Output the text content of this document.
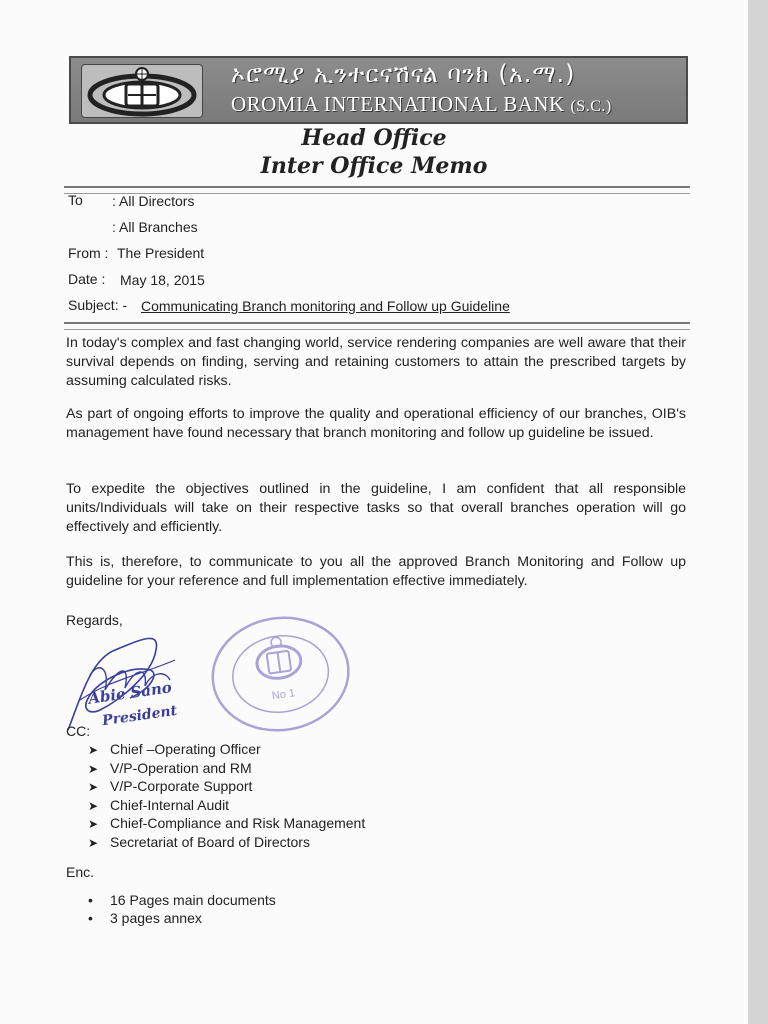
ኦሮሚያ ኢንተርናሽናል ባንክ (አ.ማ.)
OROMIA INTERNATIONAL BANK (S.C.)
Head Office
Inter Office Memo
To : All Directors
: All Branches
From : The President
Date : May 18, 2015
Subject: - Communicating Branch monitoring and Follow up Guideline
In today's complex and fast changing world, service rendering companies are well aware that their survival depends on finding, serving and retaining customers to attain the prescribed targets by assuming calculated risks.
As part of ongoing efforts to improve the quality and operational efficiency of our branches, OIB's management have found necessary that branch monitoring and follow up guideline be issued.
To expedite the objectives outlined in the guideline, I am confident that all responsible units/Individuals will take on their respective tasks so that overall branches operation will go effectively and efficiently.
This is, therefore, to communicate to you all the approved Branch Monitoring and Follow up guideline for your reference and full implementation effective immediately.
Regards,
Abie Sano
President
No 1
CC:
➤ Chief –Operating Officer
➤ V/P-Operation and RM
➤ V/P-Corporate Support
➤ Chief-Internal Audit
➤ Chief-Compliance and Risk Management
➤ Secretariat of Board of Directors
Enc.
• 16 Pages main documents
• 3 pages annex
